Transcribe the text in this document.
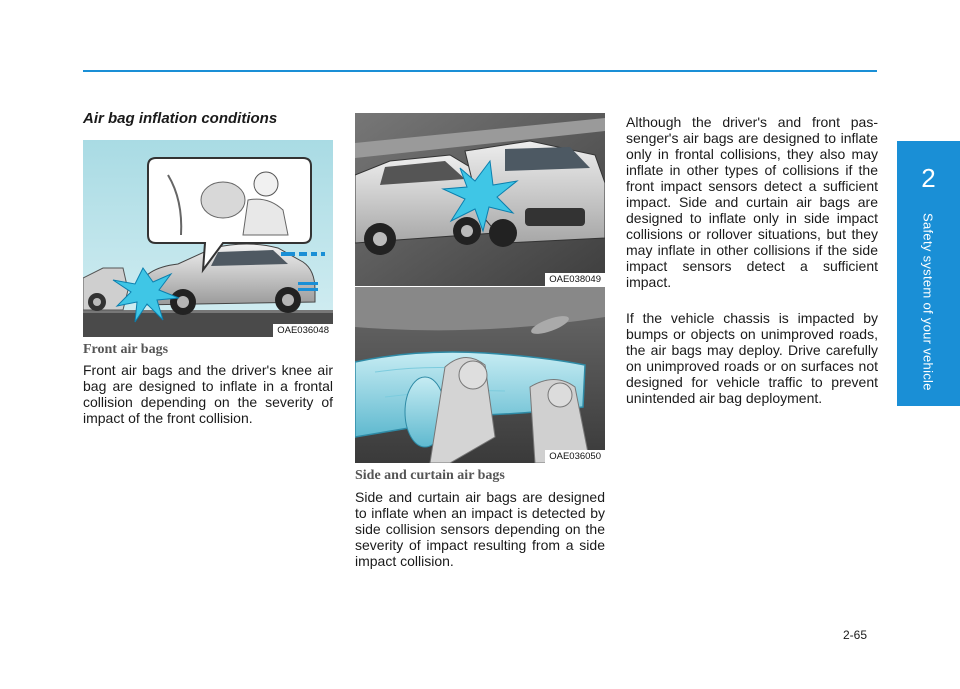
2
Safety system of your vehicle
Air bag inflation conditions
OAE036048
Front air bags

Front air bags and the driver's knee air bag are designed to inflate in a frontal collision depending on the severity of impact of the front collision.

OAE038049
OAE036050
Side and curtain air bags

Side and curtain air bags are designed to inflate when an impact is detected by side collision sensors depending on the severity of impact resulting from a side impact collision.

Although the driver's and front passenger's air bags are designed to inflate only in frontal collisions, they also may inflate in other types of collisions if the front impact sensors detect a sufficient impact. Side and curtain air bags are designed to inflate only in side impact collisions or rollover situations, but they may inflate in other collisions if the side impact sensors detect a sufficient impact.

If the vehicle chassis is impacted by bumps or objects on unimproved roads, the air bags may deploy. Drive carefully on unimproved roads or on surfaces not designed for vehicle traffic to prevent unintended air bag deployment.

2-65
